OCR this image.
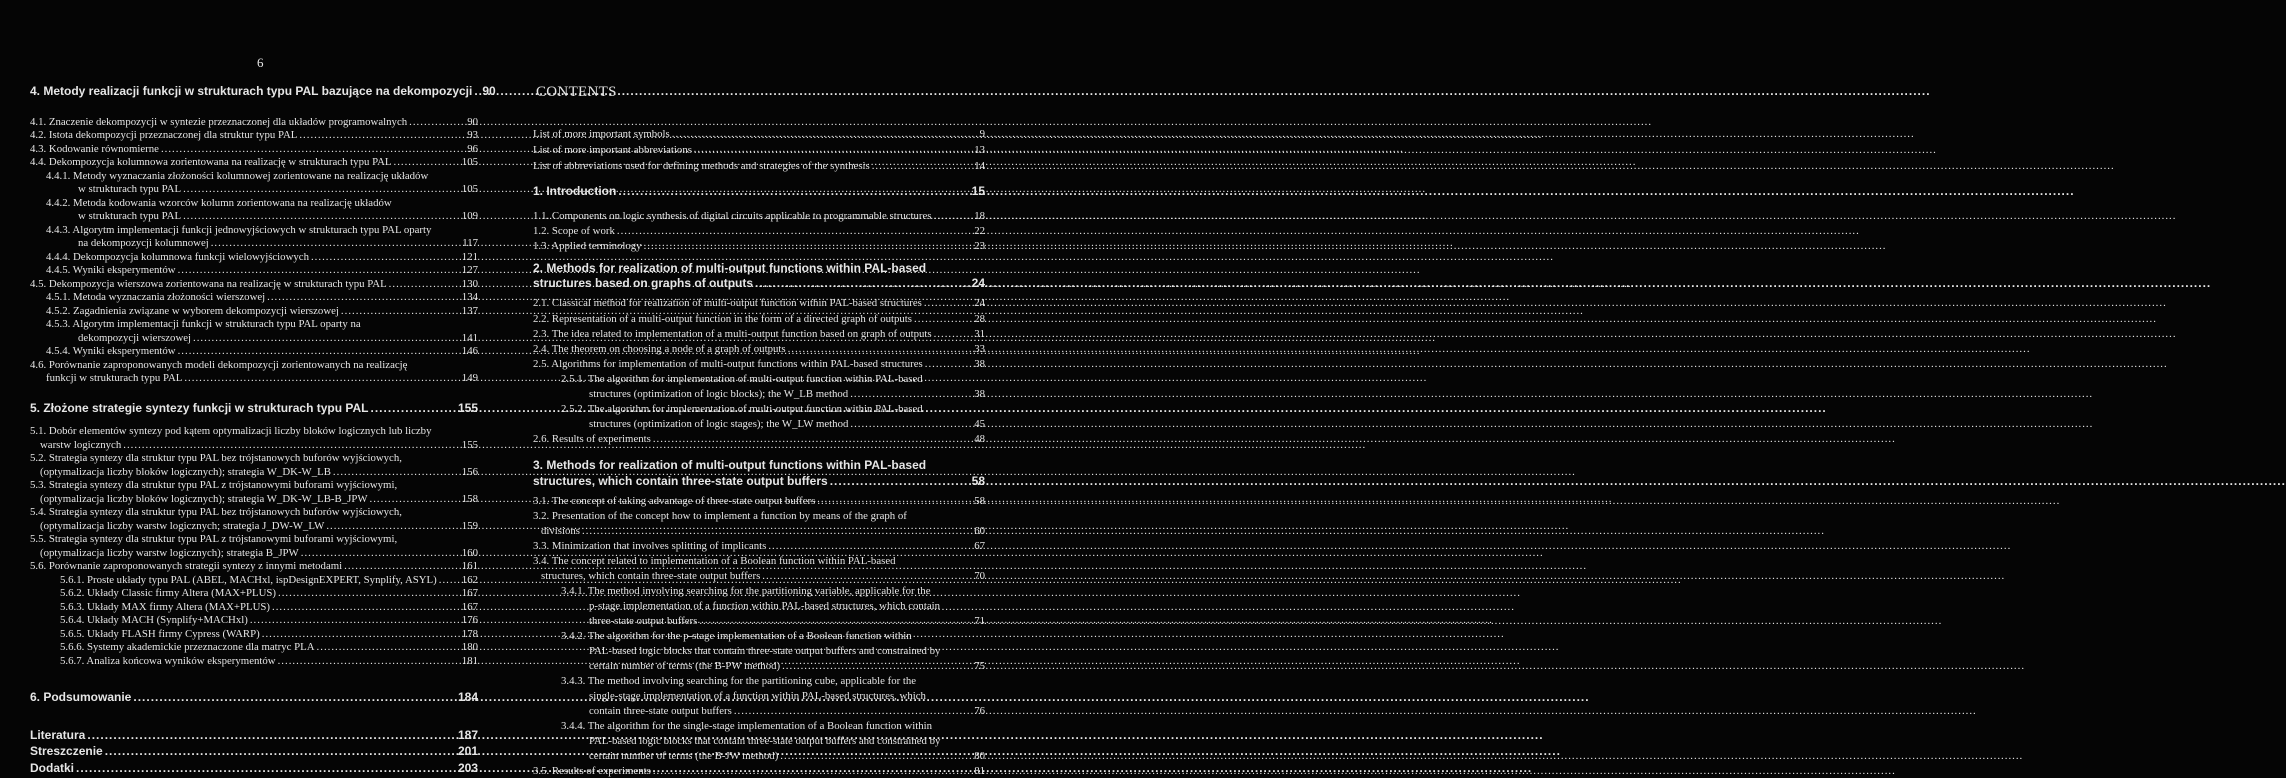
6
CONTENTS
4. Metody realizacji funkcji w strukturach typu PAL bazujące na dekompozycji ..... 90
4.1. Znaczenie dekompozycji w syntezie przeznaczonej dla układów programowalnych .....	90
4.2. Istota dekompozycji przeznaczonej dla struktur typu PAL .....	93
4.3. Kodowanie równomierne .....	96
4.4. Dekompozycja kolumnowa zorientowana na realizację w strukturach typu PAL .....	105
4.4.1. Metody wyznaczania złożoności kolumnowej zorientowane na realizację układów
w strukturach typu PAL .....	105
4.4.2. Metoda kodowania wzorców kolumn zorientowana na realizację układów
w strukturach typu PAL .....	109
4.4.3. Algorytm implementacji funkcji jednowyjściowych w strukturach typu PAL oparty
na dekompozycji kolumnowej .....	117
4.4.4. Dekompozycja kolumnowa funkcji wielowyjściowych .....	121
4.4.5. Wyniki eksperymentów .....	127
4.5. Dekompozycja wierszowa zorientowana na realizację w strukturach typu PAL .....	130
4.5.1. Metoda wyznaczania złożoności wierszowej .....	134
4.5.2. Zagadnienia związane w wyborem dekompozycji wierszowej .....	137
4.5.3. Algorytm implementacji funkcji w strukturach typu PAL oparty na
dekompozycji wierszowej .....	141
4.5.4. Wyniki eksperymentów .....	146
4.6. Porównanie zaproponowanych modeli dekompozycji zorientowanych na realizację
funkcji w strukturach typu PAL .....	149
5. Złożone strategie syntezy funkcji w strukturach typu PAL .....	155
5.1. Dobór elementów syntezy pod kątem optymalizacji liczby bloków logicznych lub liczby
warstw logicznych .....	155
5.2. Strategia syntezy dla struktur typu PAL bez trójstanowych buforów wyjściowych,
(optymalizacja liczby bloków logicznych); strategia W_DK-W_LB .....	156
5.3. Strategia syntezy dla struktur typu PAL z trójstanowymi buforami wyjściowymi,
(optymalizacja liczby bloków logicznych); strategia W_DK-W_LB-B_JPW .....	158
5.4. Strategia syntezy dla struktur typu PAL bez trójstanowych buforów wyjściowych,
(optymalizacja liczby warstw logicznych; strategia J_DW-W_LW .....	159
5.5. Strategia syntezy dla struktur typu PAL z trójstanowymi buforami wyjściowymi,
(optymalizacja liczby warstw logicznych); strategia B_JPW .....	160
5.6. Porównanie zaproponowanych strategii syntezy z innymi metodami .....	161
5.6.1. Proste układy typu PAL (ABEL, MACHxl, ispDesignEXPERT, Synplify, ASYL) ..... 162
5.6.2. Układy Classic firmy Altera (MAX+PLUS) .....	167
5.6.3. Układy MAX firmy Altera (MAX+PLUS) .....	167
5.6.4. Układy MACH (Synplify+MACHxl) .....	176
5.6.5. Układy FLASH firmy Cypress (WARP) .....	178
5.6.6. Systemy akademickie przeznaczone dla matryc PLA .....	180
5.6.7. Analiza końcowa wyników eksperymentów .....	181
6. Podsumowanie .....	184
Literatura .....	187
Streszczenie .....	201
Dodatki .....	203
List of more important symbols .....	9
List of more important abbreviations .....	13
List of abbreviations used for defining methods and strategies of the synthesis .....	14
1. Introduction .....	15
1.1. Components on logic synthesis of digital circuits applicable to programmable structures .....	18
1.2. Scope of work .....	22
1.3. Applied terminology .....	23
2. Methods for realization of multi-output functions within PAL-based
structures based on graphs of outputs .....	24
2.1. Classical method for realization of multi-output function within PAL-based structures .....	24
2.2. Representation of a multi-output function in the form of a directed graph of outputs .....	28
2.3. The idea related to implementation of a multi-output function based on graph of outputs .....	31
2.4. The theorem on choosing a node of a graph of outputs .....	33
2.5. Algorithms for implementation of multi-output functions within PAL-based structures .....	38
2.5.1. The algorithm for implementation of multi-output function within PAL-based
structures (optimization of logic blocks); the W_LB method .....	38
2.5.2. The algorithm for implementation of multi-output function within PAL-based
structures (optimization of logic stages); the W_LW method .....	45
2.6. Results of experiments .....	48
3. Methods for realization of multi-output functions within PAL-based
structures, which contain three-state output buffers .....	58
3.1. The concept of taking advantage of three-state output buffers .....	58
3.2. Presentation of the concept how to implement a function by means of the graph of
divisions .....	60
3.3. Minimization that involves splitting of implicants .....	67
3.4. The concept related to implementation of a Boolean function within PAL-based
structures, which contain three-state output buffers .....	70
3.4.1. The method involving searching for the partitioning variable, applicable for the
p-stage implementation of a function within PAL-based structures, which contain
three-state output buffers .....	71
3.4.2. The algorithm for the p-stage implementation of a Boolean function within
PAL-based logic blocks that contain three-state output buffers and constrained by
certain number of terms (the B-PW method) .....	75
3.4.3. The method involving searching for the partitioning cube, applicable for the
single-stage implementation of a function within PAL-based structures, which
contain three-state output buffers .....	76
3.4.4. The algorithm for the single-stage implementation of a Boolean function within
PAL-based logic blocks that contain three-state output buffers and constrained by
certain number of terms (the B-JW method) .....	80
3.5. Results of experiments .....	81
